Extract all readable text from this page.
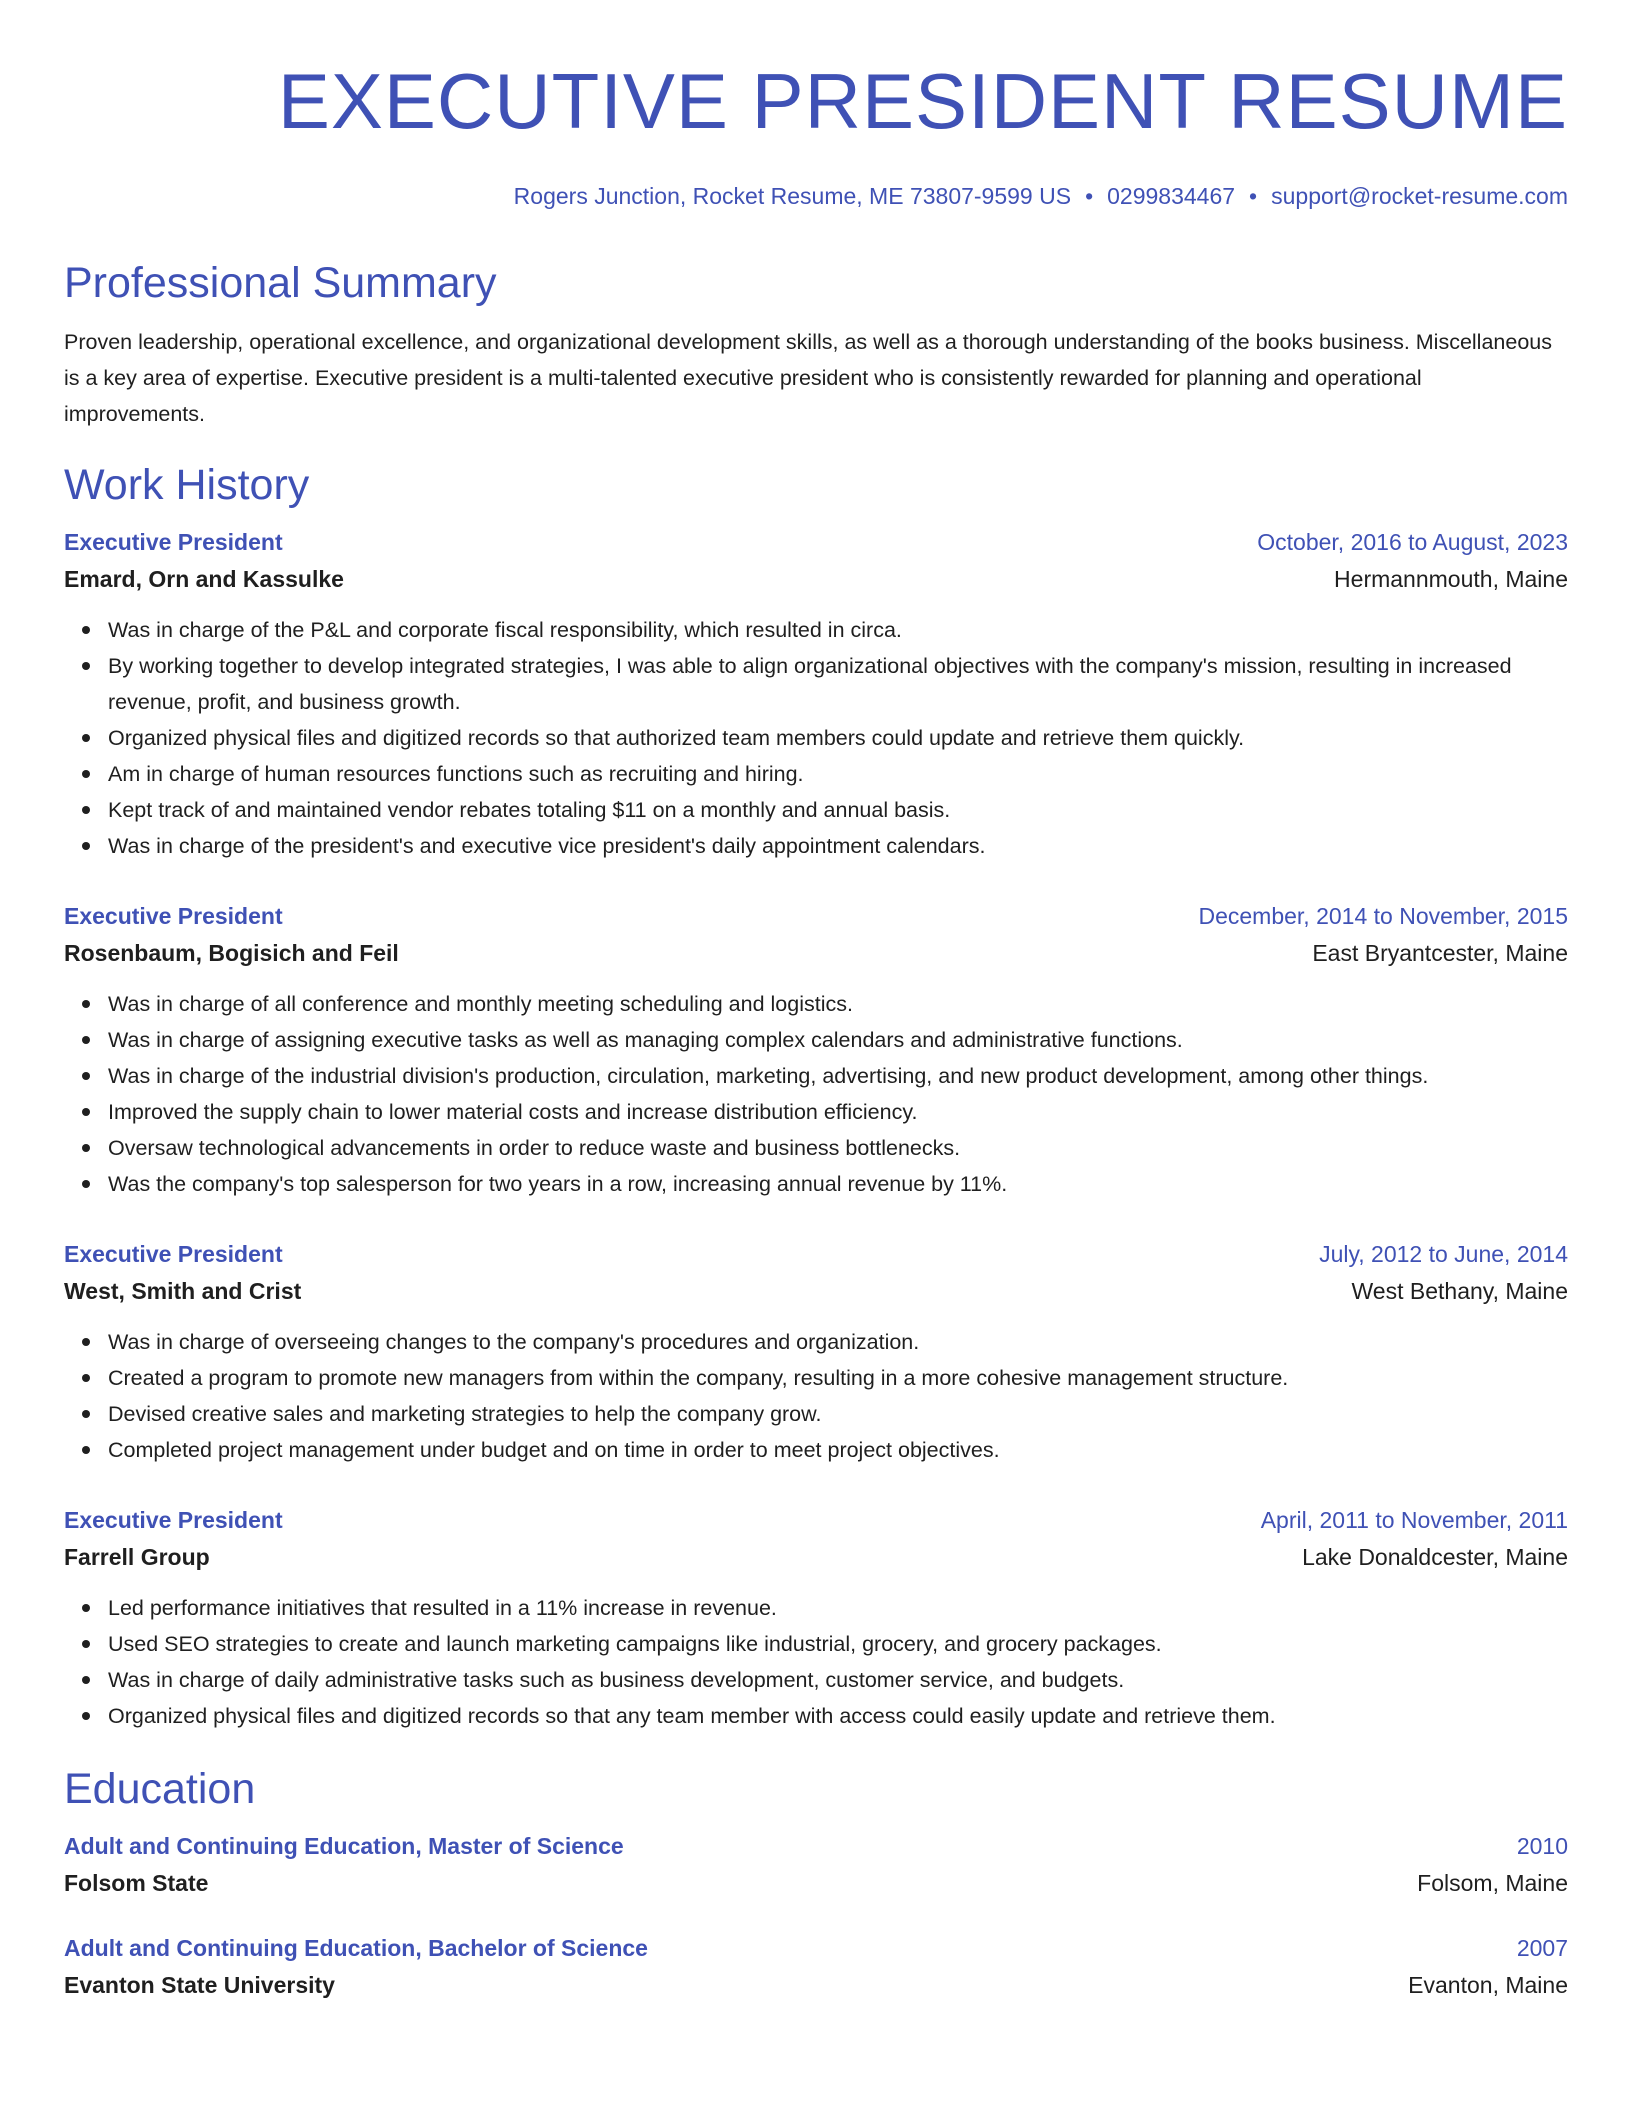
EXECUTIVE PRESIDENT RESUME
Rogers Junction, Rocket Resume, ME 73807-9599 US • 0299834467 • support@rocket-resume.com
Professional Summary
Proven leadership, operational excellence, and organizational development skills, as well as a thorough understanding of the books business. Miscellaneous is a key area of expertise. Executive president is a multi-talented executive president who is consistently rewarded for planning and operational improvements.
Work History
Executive President	October, 2016 to August, 2023
Emard, Orn and Kassulke	Hermannmouth, Maine
Was in charge of the P&L and corporate fiscal responsibility, which resulted in circa.
By working together to develop integrated strategies, I was able to align organizational objectives with the company's mission, resulting in increased revenue, profit, and business growth.
Organized physical files and digitized records so that authorized team members could update and retrieve them quickly.
Am in charge of human resources functions such as recruiting and hiring.
Kept track of and maintained vendor rebates totaling $11 on a monthly and annual basis.
Was in charge of the president's and executive vice president's daily appointment calendars.
Executive President	December, 2014 to November, 2015
Rosenbaum, Bogisich and Feil	East Bryantcester, Maine
Was in charge of all conference and monthly meeting scheduling and logistics.
Was in charge of assigning executive tasks as well as managing complex calendars and administrative functions.
Was in charge of the industrial division's production, circulation, marketing, advertising, and new product development, among other things.
Improved the supply chain to lower material costs and increase distribution efficiency.
Oversaw technological advancements in order to reduce waste and business bottlenecks.
Was the company's top salesperson for two years in a row, increasing annual revenue by 11%.
Executive President	July, 2012 to June, 2014
West, Smith and Crist	West Bethany, Maine
Was in charge of overseeing changes to the company's procedures and organization.
Created a program to promote new managers from within the company, resulting in a more cohesive management structure.
Devised creative sales and marketing strategies to help the company grow.
Completed project management under budget and on time in order to meet project objectives.
Executive President	April, 2011 to November, 2011
Farrell Group	Lake Donaldcester, Maine
Led performance initiatives that resulted in a 11% increase in revenue.
Used SEO strategies to create and launch marketing campaigns like industrial, grocery, and grocery packages.
Was in charge of daily administrative tasks such as business development, customer service, and budgets.
Organized physical files and digitized records so that any team member with access could easily update and retrieve them.
Education
Adult and Continuing Education, Master of Science	2010
Folsom State	Folsom, Maine
Adult and Continuing Education, Bachelor of Science	2007
Evanton State University	Evanton, Maine
